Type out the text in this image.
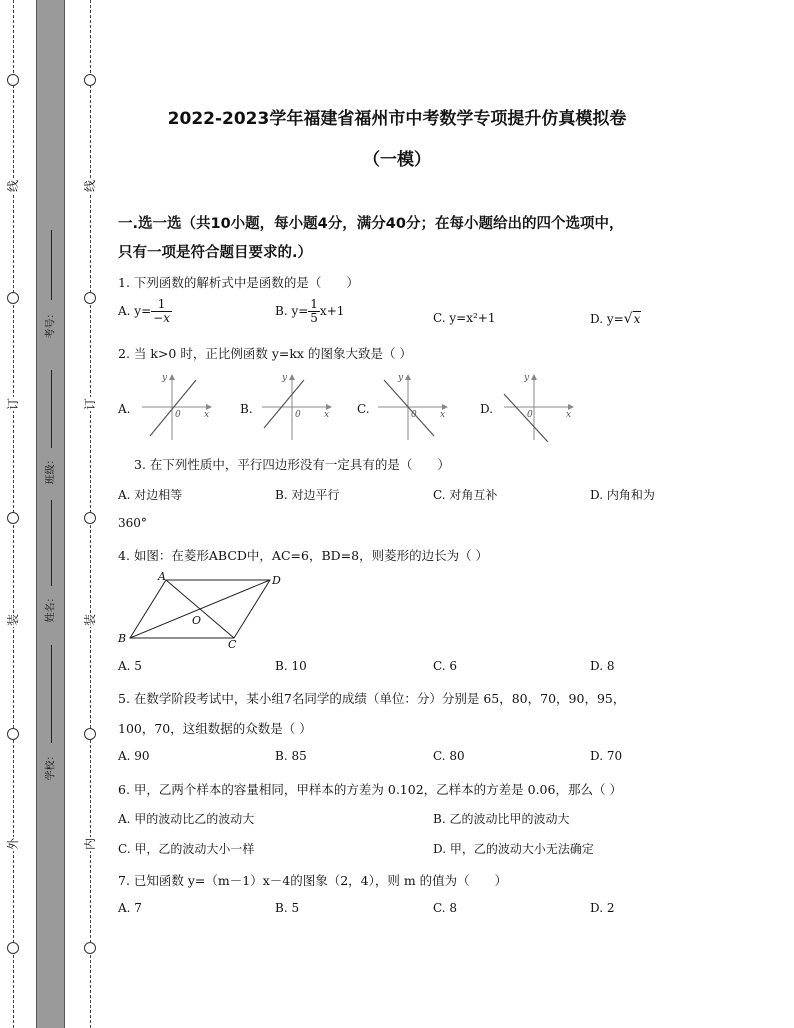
线
订
装
外
线
订
装
内
考号：
班级：
姓名：
学校：
2022-2023学年福建省福州市中考数学专项提升仿真模拟卷
（一模）
一.选一选（共10小题，每小题4分，满分40分；在每小题给出的四个选项中，
只有一项是符合题目要求的.）
1. 下列函数的解析式中是函数的是（　　）
A. $y= \frac{1}{-x}$	B. $y= \frac{1}{5} x+1$	C. y=x²+1	D. y=√x
2. 当 k>0 时，正比例函数 y=kx 的图象大致是（ ）
A.
y
x
0	B.
y
x
0	C.
y
x
0	D.
y
x
0
3. 在下列性质中，平行四边形没有一定具有的是（　　）
A. 对边相等	B. 对边平行	C. 对角互补	D. 内角和为
360°
4. 如图：在菱形ABCD中，AC=6，BD=8，则菱形的边长为（ ）
A
B	C
D
O
A. 5	B. 10	C. 6	D. 8
5. 在数学阶段考试中，某小组7名同学的成绩（单位：分）分别是 65，80，70，90，95，
100，70，这组数据的众数是（ ）
A. 90	B. 85	C. 80	D. 70
6. 甲，乙两个样本的容量相同，甲样本的方差为 0.102，乙样本的方差是 0.06，那么（ ）
A. 甲的波动比乙的波动大	B. 乙的波动比甲的波动大
C. 甲，乙的波动大小一样	D. 甲，乙的波动大小无法确定
7. 已知函数 y=（m－1）x－4的图象（2，4），则 m 的值为（　　）
A. 7	B. 5	C. 8	D. 2
